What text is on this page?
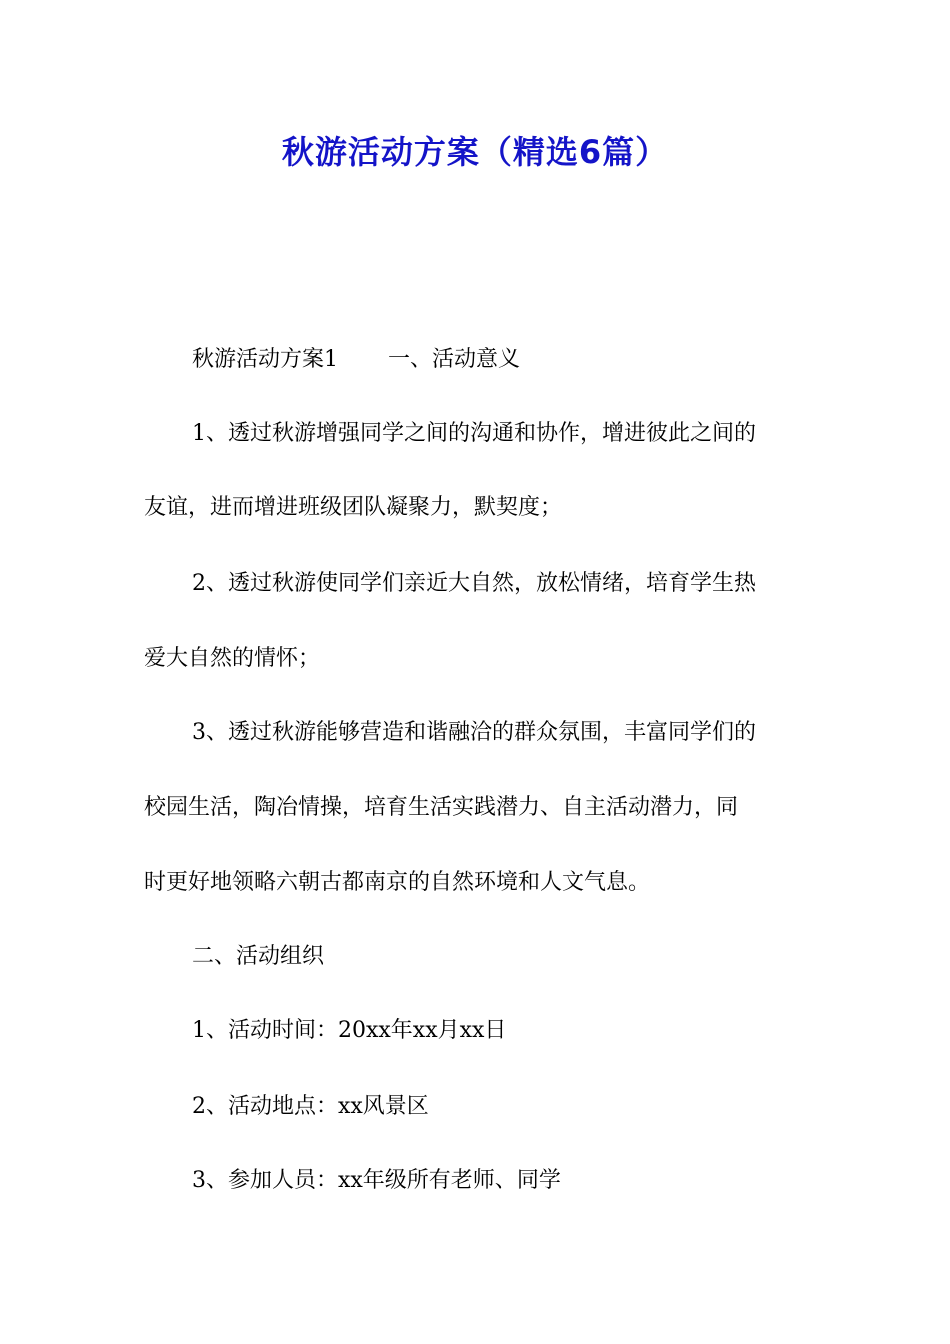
秋游活动方案（精选6篇）
秋游活动方案1 一、活动意义
1、透过秋游增强同学之间的沟通和协作，增进彼此之间的
友谊，进而增进班级团队凝聚力，默契度；
2、透过秋游使同学们亲近大自然，放松情绪，培育学生热
爱大自然的情怀；
3、透过秋游能够营造和谐融洽的群众氛围，丰富同学们的
校园生活，陶冶情操，培育生活实践潜力、自主活动潜力，同
时更好地领略六朝古都南京的自然环境和人文气息。
二、活动组织
1、活动时间：20xx年xx月xx日
2、活动地点：xx风景区
3、参加人员：xx年级所有老师、同学
